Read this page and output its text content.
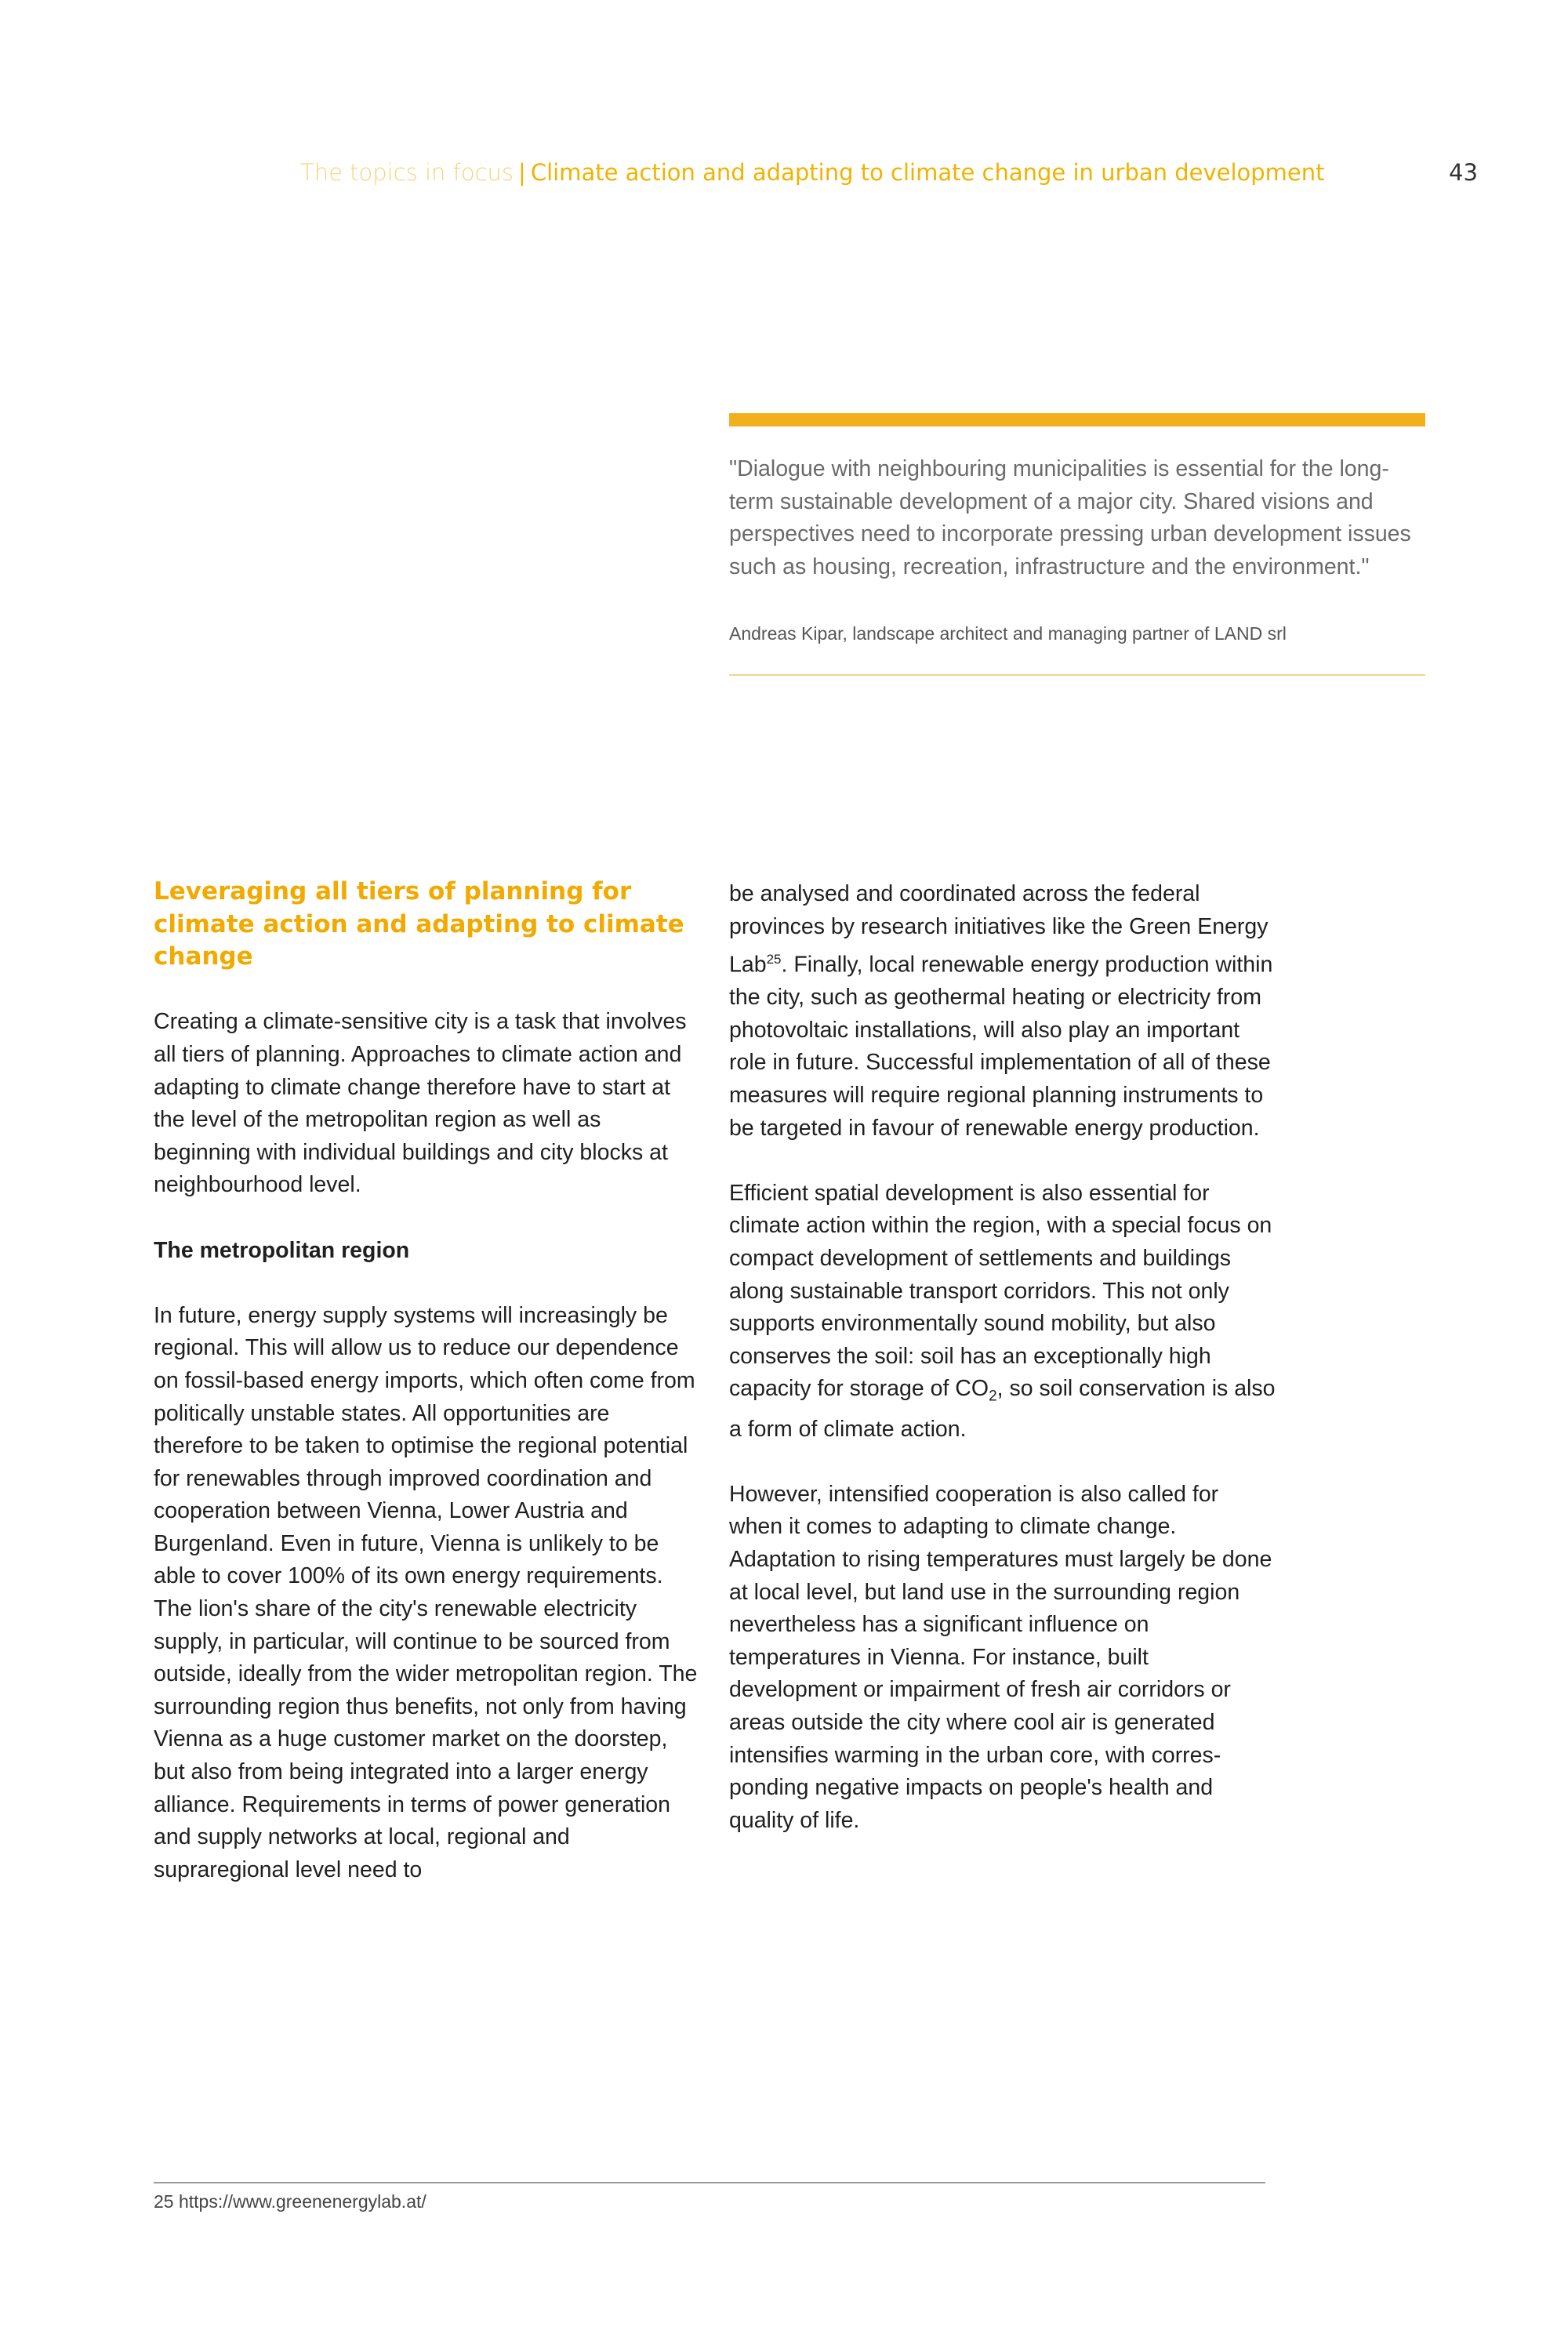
The topics in focus | Climate action and adapting to climate change in urban development	43

"Dialogue with neighbouring municipalities is essential for the long-term sustainable development of a major city. Shared visions and perspectives need to incorporate pressing urban development issues such as housing, recreation, infrastructure and the environment."

Andreas Kipar, landscape architect and managing partner of LAND srl
Leveraging all tiers of planning for climate action and adapting to climate change

Creating a climate-sensitive city is a task that involves all tiers of planning. Approaches to climate action and adapting to climate change therefore have to start at the level of the metropolitan region as well as beginning with individual buildings and city blocks at neighbourhood level.

The metropolitan region

In future, energy supply systems will increasingly be regional. This will allow us to reduce our dependence on fossil-based energy imports, which often come from politically unstable states. All opportunities are therefore to be taken to optimise the regional potential for renewables through improved coordination and cooperation between Vienna, Lower Austria and Burgenland. Even in future, Vienna is unlikely to be able to cover 100% of its own energy requirements. The lion's share of the city's renewable electricity supply, in particular, will continue to be sourced from outside, ideally from the wider metropolitan region. The surrounding region thus benefits, not only from having Vienna as a huge customer market on the doorstep, but also from being integrated into a larger energy alliance. Requirements in terms of power generation and supply networks at local, regional and supraregional level need to

be analysed and coordinated across the federal provinces by research initiatives like the Green Energy Lab$^{25}$. Finally, local renewable energy production within the city, such as geothermal heating or electricity from photovoltaic installations, will also play an important role in future. Successful implementation of all of these measures will require regional planning instruments to be targeted in favour of renewable energy production.

Efficient spatial development is also essential for climate action within the region, with a special focus on compact development of settlements and buildings along sustainable transport corridors. This not only supports environmentally sound mobility, but also conserves the soil: soil has an exceptionally high capacity for storage of $CO_2$, so soil conservation is also a form of climate action.

However, intensified cooperation is also called for when it comes to adapting to climate change. Adaptation to rising temperatures must largely be done at local level, but land use in the surrounding region nevertheless has a significant influence on temperatures in Vienna. For instance, built development or impairment of fresh air corridors or areas outside the city where cool air is generated intensifies warming in the urban core, with corres-ponding negative impacts on people's health and quality of life.

25 https://www.greenenergylab.at/
